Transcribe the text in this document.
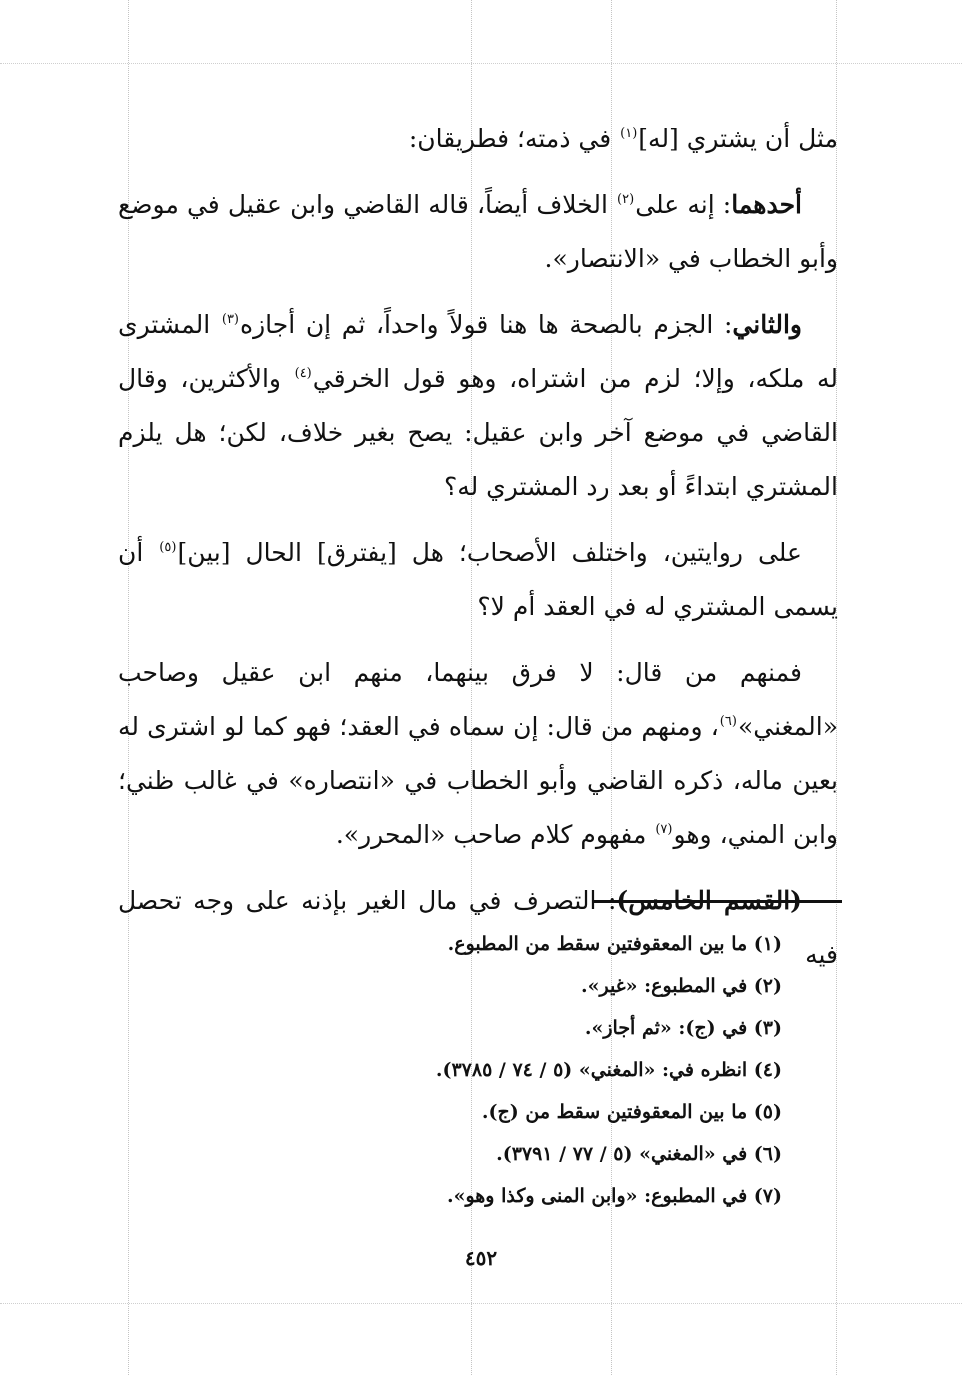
مثل أن يشتري [له]$^{(١)}$ في ذمته؛ فطريقان:

أحدهما: إنه على$^{(٢)}$ الخلاف أيضاً، قاله القاضي وابن عقيل في موضع وأبو الخطاب في «الانتصار».

والثاني: الجزم بالصحة ها هنا قولاً واحداً، ثم إن أجازه$^{(٣)}$ المشترى له ملكه، وإلا؛ لزم من اشتراه، وهو قول الخرقي$^{(٤)}$ والأكثرين، وقال القاضي في موضع آخر وابن عقيل: يصح بغير خلاف، لكن؛ هل يلزم المشتري ابتداءً أو بعد رد المشتري له؟

على روايتين، واختلف الأصحاب؛ هل [يفترق] الحال [بين]$^{(٥)}$ أن يسمى المشتري له في العقد أم لا؟

فمنهم من قال: لا فرق بينهما، منهم ابن عقيل وصاحب «المغني»$^{(٦)}$، ومنهم من قال: إن سماه في العقد؛ فهو كما لو اشترى له بعين ماله، ذكره القاضي وأبو الخطاب في «انتصاره» في غالب ظني؛ وابن المني، وهو$^{(٧)}$ مفهوم كلام صاحب «المحرر».

(القسم الخامس): التصرف في مال الغير بإذنه على وجه تحصل فيه

(١) ما بين المعقوفتين سقط من المطبوع.
(٢) في المطبوع: «غير».
(٣) في (ج): «ثم أجاز».
(٤) انظره في: «المغني» (٥ / ٧٤ / ٣٧٨٥).
(٥) ما بين المعقوفتين سقط من (ج).
(٦) في «المغني» (٥ / ٧٧ / ٣٧٩١).
(٧) في المطبوع: «وابن المنى وكذا وهو».
٤٥٢
